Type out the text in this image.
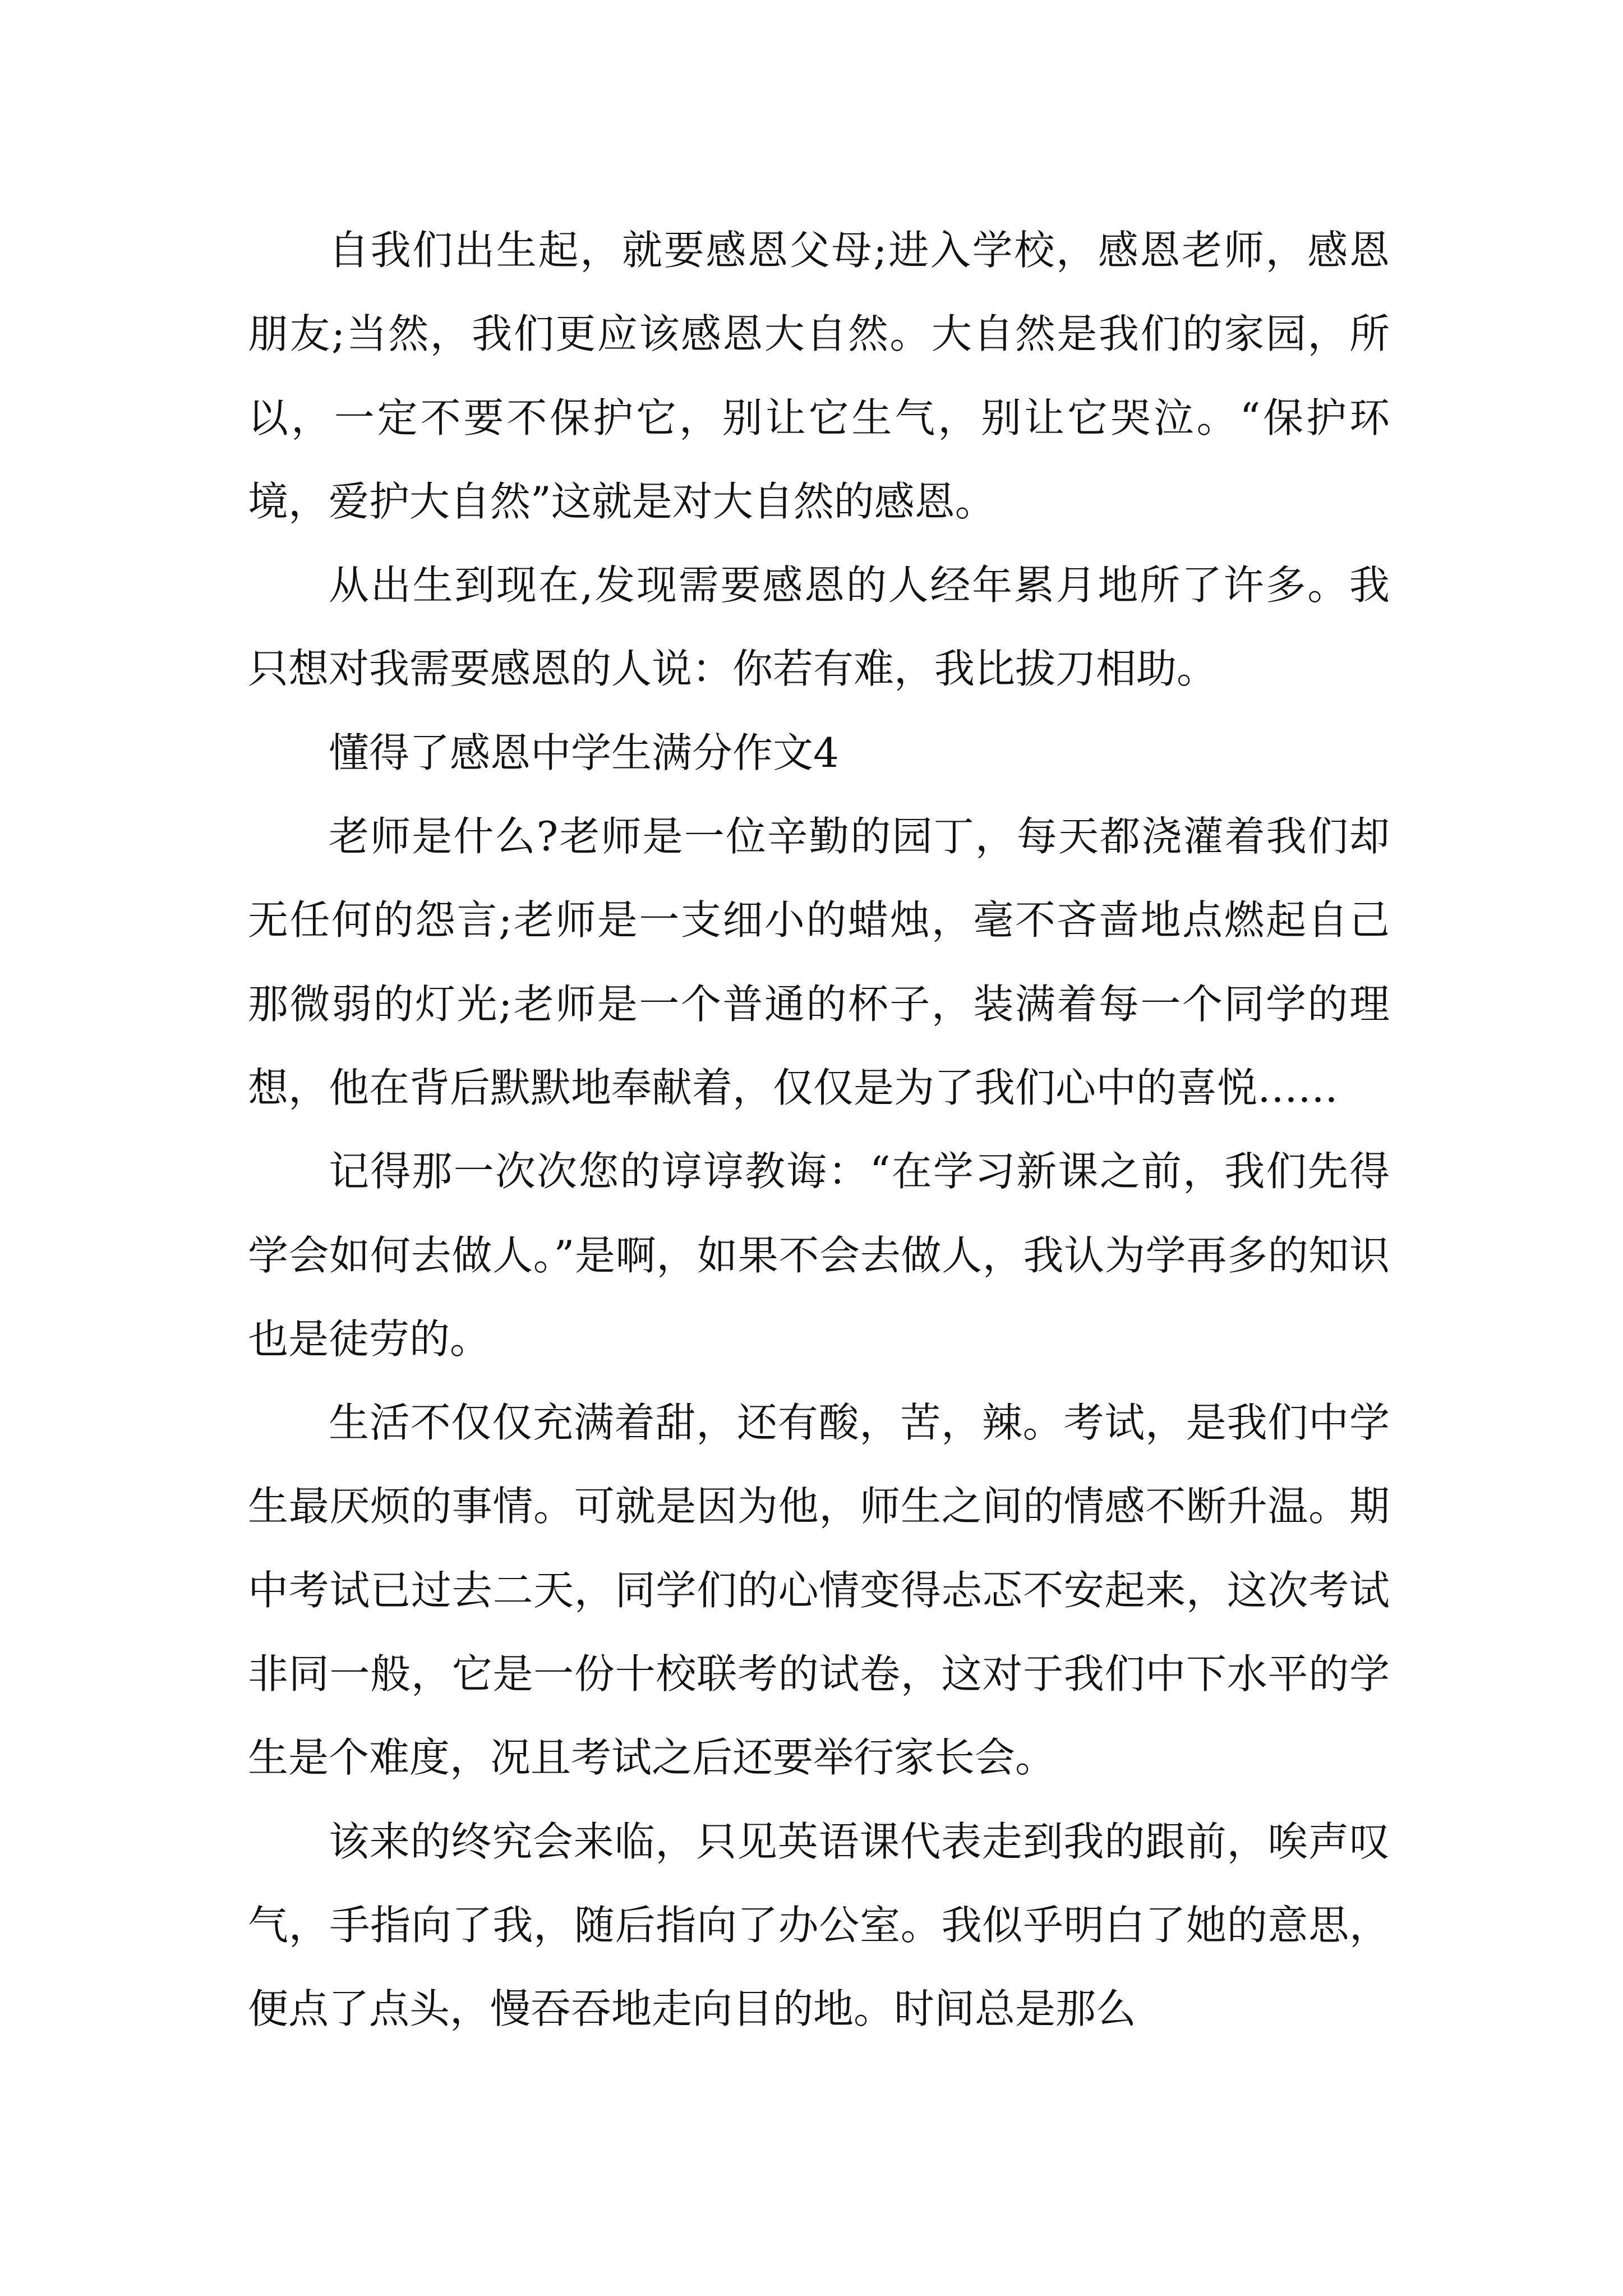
自我们出生起，就要感恩父母;进入学校，感恩老师，感恩朋友;当然，我们更应该感恩大自然。大自然是我们的家园，所以，一定不要不保护它，别让它生气，别让它哭泣。“保护环境，爱护大自然”这就是对大自然的感恩。

从出生到现在,发现需要感恩的人经年累月地所了许多。我只想对我需要感恩的人说：你若有难，我比拔刀相助。

懂得了感恩中学生满分作文4

老师是什么?老师是一位辛勤的园丁，每天都浇灌着我们却无任何的怨言;老师是一支细小的蜡烛，毫不吝啬地点燃起自己那微弱的灯光;老师是一个普通的杯子，装满着每一个同学的理想，他在背后默默地奉献着，仅仅是为了我们心中的喜悦……

记得那一次次您的谆谆教诲：“在学习新课之前，我们先得学会如何去做人。”是啊，如果不会去做人，我认为学再多的知识也是徒劳的。

生活不仅仅充满着甜，还有酸，苦，辣。考试，是我们中学生最厌烦的事情。可就是因为他，师生之间的情感不断升温。期中考试已过去二天，同学们的心情变得忐忑不安起来，这次考试非同一般，它是一份十校联考的试卷，这对于我们中下水平的学生是个难度，况且考试之后还要举行家长会。

该来的终究会来临，只见英语课代表走到我的跟前，唉声叹气，手指向了我，随后指向了办公室。我似乎明白了她的意思，便点了点头，慢吞吞地走向目的地。时间总是那么
